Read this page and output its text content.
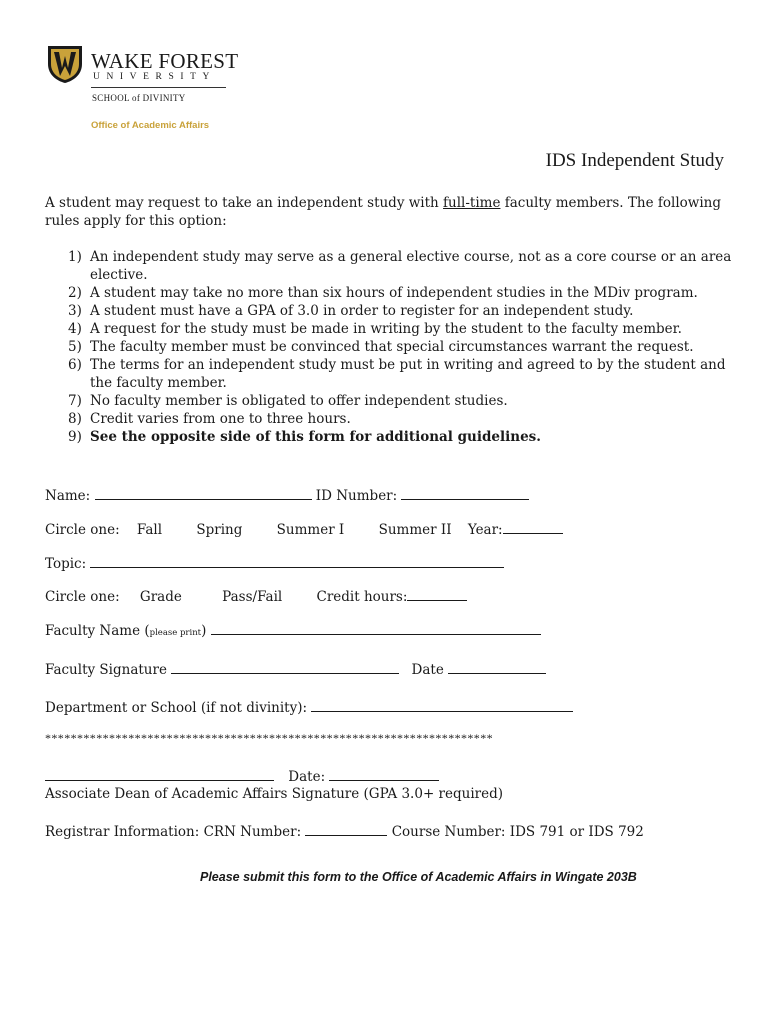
WAKE FOREST
UNIVERSITY
SCHOOL of DIVINITY
Office of Academic Affairs
IDS Independent Study
A student may request to take an independent study with full-time faculty members. The following rules apply for this option:
1) An independent study may serve as a general elective course, not as a core course or an area elective.
2) A student may take no more than six hours of independent studies in the MDiv program.
3) A student must have a GPA of 3.0 in order to register for an independent study.
4) A request for the study must be made in writing by the student to the faculty member.
5) The faculty member must be convinced that special circumstances warrant the request.
6) The terms for an independent study must be put in writing and agreed to by the student and the faculty member.
7) No faculty member is obligated to offer independent studies.
8) Credit varies from one to three hours.
9) See the opposite side of this form for additional guidelines.
Name:	ID Number:
Circle one: Fall	Spring	Summer I	Summer II Year:
Topic:
Circle one: Grade	Pass/Fail	Credit hours:
Faculty Name (please print)
Faculty Signature	Date
Department or School (if not divinity):
**********************************************************************
Date:
Associate Dean of Academic Affairs Signature (GPA 3.0+ required)
Registrar Information: CRN Number:	Course Number: IDS 791 or IDS 792
Please submit this form to the Office of Academic Affairs in Wingate 203B
